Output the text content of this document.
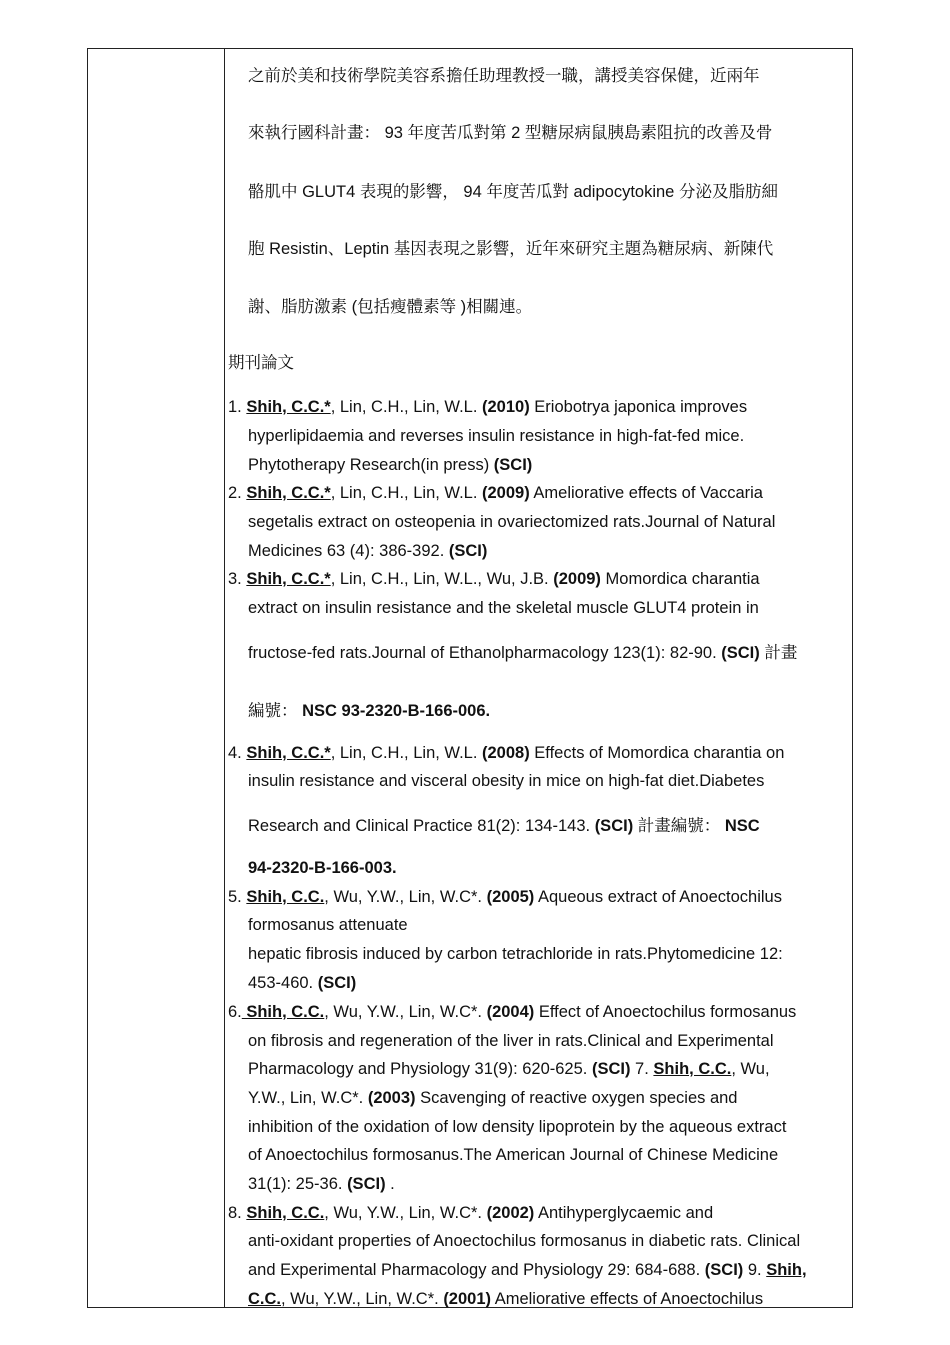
之前於美和技術學院美容系擔任助理教授一職，講授美容保健，近兩年
來執行國科計畫： 93 年度苦瓜對第 2 型糖尿病鼠胰島素阻抗的改善及骨
骼肌中 GLUT4 表現的影響， 94 年度苦瓜對 adipocytokine 分泌及脂肪細
胞 Resistin、Leptin 基因表現之影響，近年來研究主題為糖尿病、新陳代
謝、脂肪激素 (包括瘦體素等 )相關連。
期刊論文
1. Shih, C.C.*, Lin, C.H., Lin, W.L. (2010) Eriobotrya japonica improves
hyperlipidaemia and reverses insulin resistance in high-fat-fed mice.
Phytotherapy Research(in press) (SCI)
2. Shih, C.C.*, Lin, C.H., Lin, W.L. (2009) Ameliorative effects of Vaccaria
segetalis extract on osteopenia in ovariectomized rats.Journal of Natural
Medicines 63 (4): 386-392. (SCI)
3. Shih, C.C.*, Lin, C.H., Lin, W.L., Wu, J.B. (2009) Momordica charantia
extract on insulin resistance and the skeletal muscle GLUT4 protein in
fructose-fed rats.Journal of Ethanolpharmacology 123(1): 82-90. (SCI) 計畫
編號： NSC 93-2320-B-166-006.
4. Shih, C.C.*, Lin, C.H., Lin, W.L. (2008) Effects of Momordica charantia on
insulin resistance and visceral obesity in mice on high-fat diet.Diabetes
Research and Clinical Practice 81(2): 134-143. (SCI) 計畫編號： NSC
94-2320-B-166-003.
5. Shih, C.C., Wu, Y.W., Lin, W.C*. (2005) Aqueous extract of Anoectochilus
formosanus attenuate
hepatic fibrosis induced by carbon tetrachloride in rats.Phytomedicine 12:
453-460. (SCI)
6. Shih, C.C., Wu, Y.W., Lin, W.C*. (2004) Effect of Anoectochilus formosanus
on fibrosis and regeneration of the liver in rats.Clinical and Experimental
Pharmacology and Physiology 31(9): 620-625. (SCI) 7. Shih, C.C., Wu,
Y.W., Lin, W.C*. (2003) Scavenging of reactive oxygen species and
inhibition of the oxidation of low density lipoprotein by the aqueous extract
of Anoectochilus formosanus.The American Journal of Chinese Medicine
31(1): 25-36. (SCI) .
8. Shih, C.C., Wu, Y.W., Lin, W.C*. (2002) Antihyperglycaemic and
anti-oxidant properties of Anoectochilus formosanus in diabetic rats. Clinical
and Experimental Pharmacology and Physiology 29: 684-688. (SCI) 9. Shih,
C.C., Wu, Y.W., Lin, W.C*. (2001) Ameliorative effects of Anoectochilus
